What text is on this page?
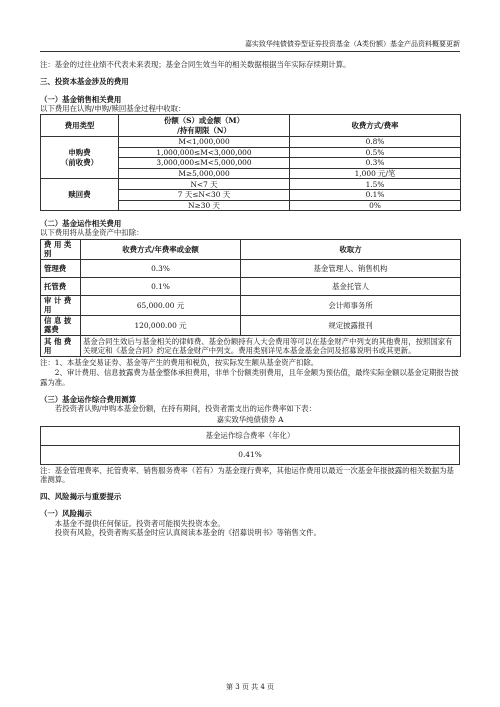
嘉实致华纯债债券型证券投资基金（A类份额）基金产品资料概要更新

注：基金的过往业绩不代表未来表现；基金合同生效当年的相关数据根据当年实际存续期计算。

三、投资本基金涉及的费用

（一）基金销售相关费用

以下费用在认购/申购/赎回基金过程中收取：

费用类型	份额（S）或金额（M）
/持有期限（N）	收费方式/费率
申购费
（前收费）	M<1,000,000	0.8%
	1,000,000≤M<3,000,000	0.5%
	3,000,000≤M<5,000,000	0.3%
	M≥5,000,000	1,000 元/笔
赎回费	N<7 天	1.5%
	7 天≤N<30 天	0.1%
	N≥30 天	0%

（二）基金运作相关费用

以下费用将从基金资产中扣除：

费 用 类
别	收费方式/年费率或金额	收取方
管理费	0.3%	基金管理人、销售机构
托管费	0.1%	基金托管人
审 计 费
用	65,000.00 元	会计师事务所
信 息 披
露费	120,000.00 元	规定披露报刊
其 他 费
用	基金合同生效后与基金相关的律师费、基金份额持有人大会费用等可以在基金财产中列支的其他费用，按照国家有关规定和《基金合同》约定在基金财产中列支。费用类别详见本基金基金合同及招募说明书或其更新。	

注：1、本基金交易证券、基金等产生的费用和税负，按实际发生额从基金资产扣除。

2、审计费用、信息披露费为基金整体承担费用，非单个份额类别费用，且年金额为预估值，最终实际金额以基金定期报告披露为准。

（三）基金运作综合费用测算

若投资者认购/申购本基金份额，在持有期间，投资者需支出的运作费率如下表：

嘉实致华纯债债券 A

基金运作综合费率（年化）
0.41%

注：基金管理费率、托管费率、销售服务费率（若有）为基金现行费率，其他运作费用以最近一次基金年报披露的相关数据为基准测算。

四、风险揭示与重要提示

（一）风险揭示

本基金不提供任何保证。投资者可能损失投资本金。

投资有风险，投资者购买基金时应认真阅读本基金的《招募说明书》等销售文件。

第 3 页 共 4 页
